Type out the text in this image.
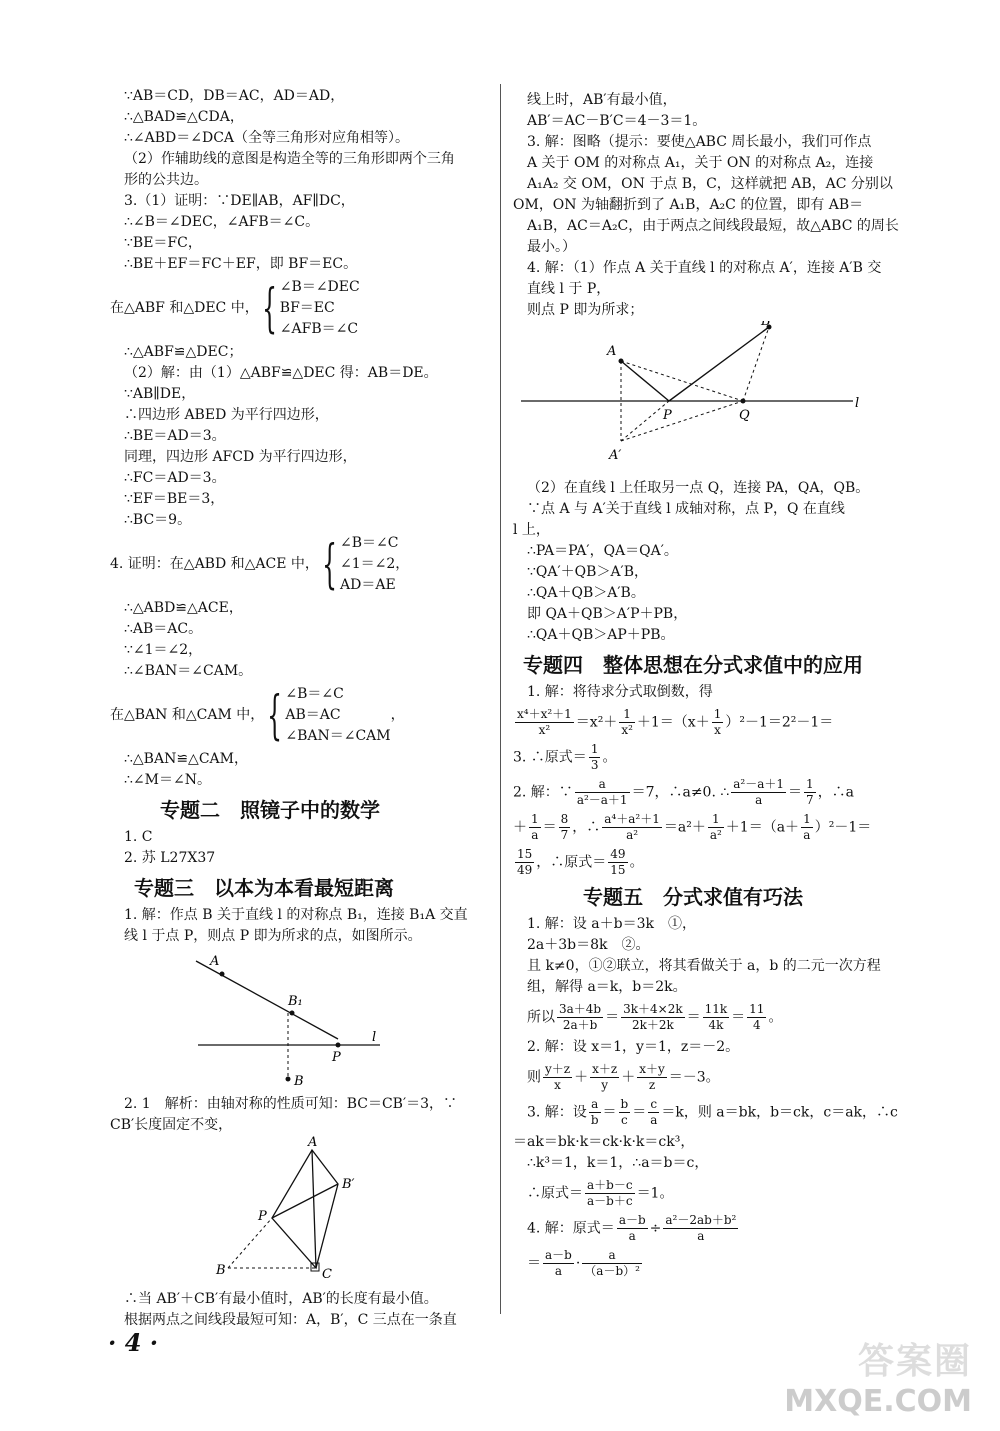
∵AB＝CD，DB＝AC，AD＝AD，
∴△BAD≌△CDA，
∴∠ABD＝∠DCA（全等三角形对应角相等）。
（2）作辅助线的意图是构造全等的三角形即两个三角
形的公共边。
3.（1）证明：∵DE∥AB，AF∥DC，
∴∠B＝∠DEC，∠AFB＝∠C。
∵BE＝FC，
∴BE＋EF＝FC＋EF，即 BF＝EC。
在△ABF 和△DEC 中， { ∠B＝∠DEC
BF＝EC
∠AFB＝∠C
∴△ABF≌△DEC；
（2）解：由（1）△ABF≌△DEC 得：AB＝DE。
∵AB∥DE，
∴四边形 ABED 为平行四边形，
∴BE＝AD＝3。
同理，四边形 AFCD 为平行四边形，
∴FC＝AD＝3。
∵EF＝BE＝3，
∴BC＝9。
4. 证明：在△ABD 和△ACE 中， { ∠B＝∠C
∠1＝∠2，
AD＝AE
∴△ABD≌△ACE，
∴AB＝AC。
∵∠1＝∠2，
∴∠BAN＝∠CAM。
在△BAN 和△CAM 中， { ∠B＝∠C
AB＝AC
∠BAN＝∠CAM
，
∴△BAN≌△CAM，
∴∠M＝∠N。
专题二　照镜子中的数学
1. C
2. 苏 L27X37
专题三　以本为本看最短距离
1. 解：作点 B 关于直线 l 的对称点 B₁，连接 B₁A 交直
线 l 于点 P，则点 P 即为所求的点，如图所示。
A
B₁
l
P
B
2. 1　解析：由轴对称的性质可知：BC＝CB′＝3，∵
CB′长度固定不变，
A
B′
P
B	C
∴当 AB′＋CB′有最小值时，AB′的长度有最小值。
根据两点之间线段最短可知：A，B′，C 三点在一条直
线上时，AB′有最小值，
AB′＝AC－B′C＝4－3＝1。
3. 解：图略（提示：要使△ABC 周长最小，我们可作点
A 关于 OM 的对称点 A₁，关于 ON 的对称点 A₂，连接
A₁A₂ 交 OM，ON 于点 B，C，这样就把 AB，AC 分别以
OM，ON 为轴翻折到了 A₁B，A₂C 的位置，即有 AB＝
A₁B，AC＝A₂C，由于两点之间线段最短，故△ABC 的周长
最小。）
4. 解：（1）作点 A 关于直线 l 的对称点 A′，连接 A′B 交
直线 l 于 P，
则点 P 即为所求；
B
A
l
P	Q
A′
（2）在直线 l 上任取另一点 Q，连接 PA，QA，QB。
∵点 A 与 A′关于直线 l 成轴对称，点 P，Q 在直线
l 上，
∴PA＝PA′，QA＝QA′。
∵QA′＋QB＞A′B，
∴QA＋QB＞A′B。
即 QA＋QB＞A′P＋PB，
∴QA＋QB＞AP＋PB。
专题四　整体思想在分式求值中的应用
1. 解：将待求分式取倒数，得
$\frac{\text{x⁴＋x²＋1}}{\text{x²}} =x^2+ \frac{1}{\text{x²}} +1=(x+ \frac{1}{x} )^2-1=2^2-1=$
3. ∴原式＝ $\frac{1}{3}$ 。
2. 解：∵ $\frac{a}{\text{a²－a＋1}} =7$，∴a≠0. ∴ $\frac{\text{a²－a＋1}}{a} = \frac{1}{7}$ ，∴a
＋ $\frac{1}{a} = \frac{8}{7}$ ，∴ $\frac{\text{a⁴＋a²＋1}}{\text{a²}} =a^2+ \frac{1}{\text{a²}} +1=(a+ \frac{1}{a} )^2-1=$
$\frac{15}{49}$ ，∴原式＝ $\frac{49}{15}$ 。
专题五　分式求值有巧法
1. 解：设 a＋b＝3k　①，
2a＋3b＝8k　②。
且 k≠0，①②联立，将其看做关于 a，b 的二元一次方程
组，解得 a＝k，b＝2k。
所以 $\frac{3a+4b}{2a+b} = \frac{3k+4\times 2k}{2k+2k} = \frac{11k}{4k} = \frac{11}{4}$ 。
2. 解：设 x＝1，y＝1，z＝－2。
则 $\frac{y+z}{x} + \frac{x+z}{y} + \frac{x+y}{z} =-3$。
3. 解：设 $\frac{a}{b} = \frac{b}{c} = \frac{c}{a} =k$，则 a＝bk，b＝ck，c＝ak，∴c
＝ak＝bk·k＝ck·k·k＝ck³，
∴k³＝1，k＝1，∴a＝b＝c，
∴原式＝ $\frac{a+b-c}{a-b+c} =1$。
4. 解：原式＝ $\frac{a-b}{a} \div \frac{\text{a²－2ab＋b²}}{a}$
＝ $\frac{a-b}{a} \cdot \frac{a}{\text{（a－b）²}}$
· 4 ·	答案圈
MXQE.COM
